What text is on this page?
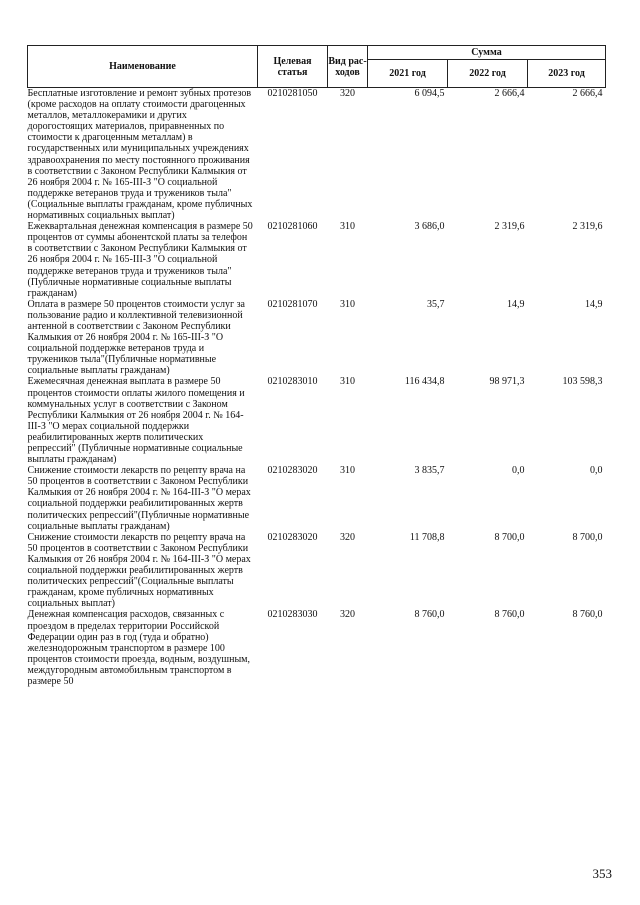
Наименование	Целевая статья	Вид рас-ходов	Сумма		
			2021 год	2022 год	2023 год
Бесплатные изготовление и ремонт зубных протезов (кроме расходов на оплату стоимости драгоценных металлов, металлокерамики и других дорогостоящих материалов, приравненных по стоимости к драгоценным металлам) в государственных или муниципальных учреждениях здравоохранения по месту постоянного проживания в соответствии с Законом Республики Калмыкия от 26 ноября 2004 г. № 165-III-З "О социальной поддержке ветеранов труда и тружеников тыла"(Социальные выплаты гражданам, кроме публичных нормативных социальных выплат)	0210281050	320	6 094,5	2 666,4	2 666,4
Ежеквартальная денежная компенсация в размере 50 процентов от суммы абонентской платы за телефон в соответствии с Законом Республики Калмыкия от 26 ноября 2004 г. № 165-III-З "О социальной поддержке ветеранов труда и тружеников тыла"(Публичные нормативные социальные выплаты гражданам)	0210281060	310	3 686,0	2 319,6	2 319,6
Оплата в размере 50 процентов стоимости услуг за пользование радио и коллективной телевизионной антенной в соответствии с Законом Республики Калмыкия от 26 ноября 2004 г. № 165-III-З "О социальной поддержке ветеранов труда и тружеников тыла"(Публичные нормативные социальные выплаты гражданам)	0210281070	310	35,7	14,9	14,9
Ежемесячная денежная выплата в размере 50 процентов стоимости оплаты жилого помещения и коммунальных услуг в соответствии с Законом Республики Калмыкия от 26 ноября 2004 г. № 164-III-З "О мерах социальной поддержки реабилитированных жертв политических репрессий" (Публичные нормативные социальные выплаты гражданам)	0210283010	310	116 434,8	98 971,3	103 598,3
Снижение стоимости лекарств по рецепту врача на 50 процентов в соответствии с Законом Республики Калмыкия от 26 ноября 2004 г. № 164-III-З "О мерах социальной поддержки реабилитированных жертв политических репрессий"(Публичные нормативные социальные выплаты гражданам)	0210283020	310	3 835,7	0,0	0,0
Снижение стоимости лекарств по рецепту врача на 50 процентов в соответствии с Законом Республики Калмыкия от 26 ноября 2004 г. № 164-III-З "О мерах социальной поддержки реабилитированных жертв политических репрессий"(Социальные выплаты гражданам, кроме публичных нормативных социальных выплат)	0210283020	320	11 708,8	8 700,0	8 700,0
Денежная компенсация расходов, связанных с проездом в пределах территории Российской Федерации один раз в год (туда и обратно) железнодорожным транспортом в размере 100 процентов стоимости проезда, водным, воздушным, междугородным автомобильным транспортом в размере 50	0210283030	320	8 760,0	8 760,0	8 760,0
353
